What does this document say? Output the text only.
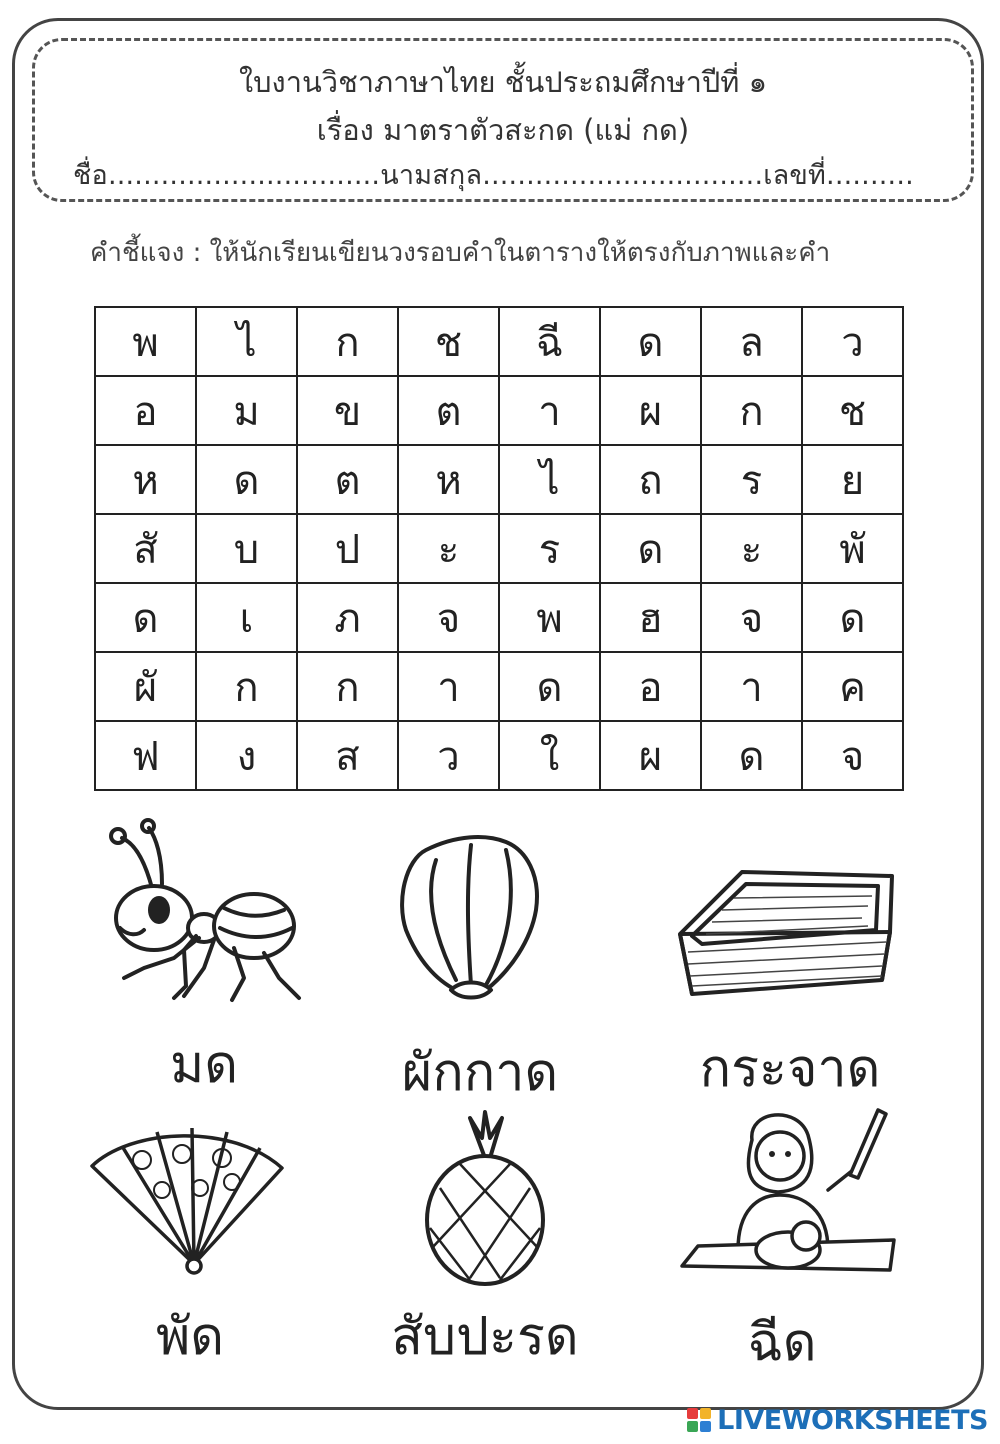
ใบงานวิชาภาษาไทย ชั้นประถมศึกษาปีที่ ๑
เรื่อง มาตราตัวสะกด (แม่ กด)
ชื่อ...............................นามสกุล................................เลขที่..........
คำชี้แจง : ให้นักเรียนเขียนวงรอบคำในตารางให้ตรงกับภาพและคำ
พ	ไ	ก	ช	ฉี	ด	ล	ว
อ	ม	ข	ต	า	ผ	ก	ช
ห	ด	ต	ห	ไ	ถ	ร	ย
สั	บ	ป	ะ	ร	ด	ะ	พั
ด	เ	ภ	จ	พ	ฮ	จ	ด
ผั	ก	ก	า	ด	อ	า	ค
ฟ	ง	ส	ว	ใ	ผ	ด	จ
มด	ผักกาด	กระจาด
พัด	สับปะรด	ฉีด
LIVEWORKSHEETS
